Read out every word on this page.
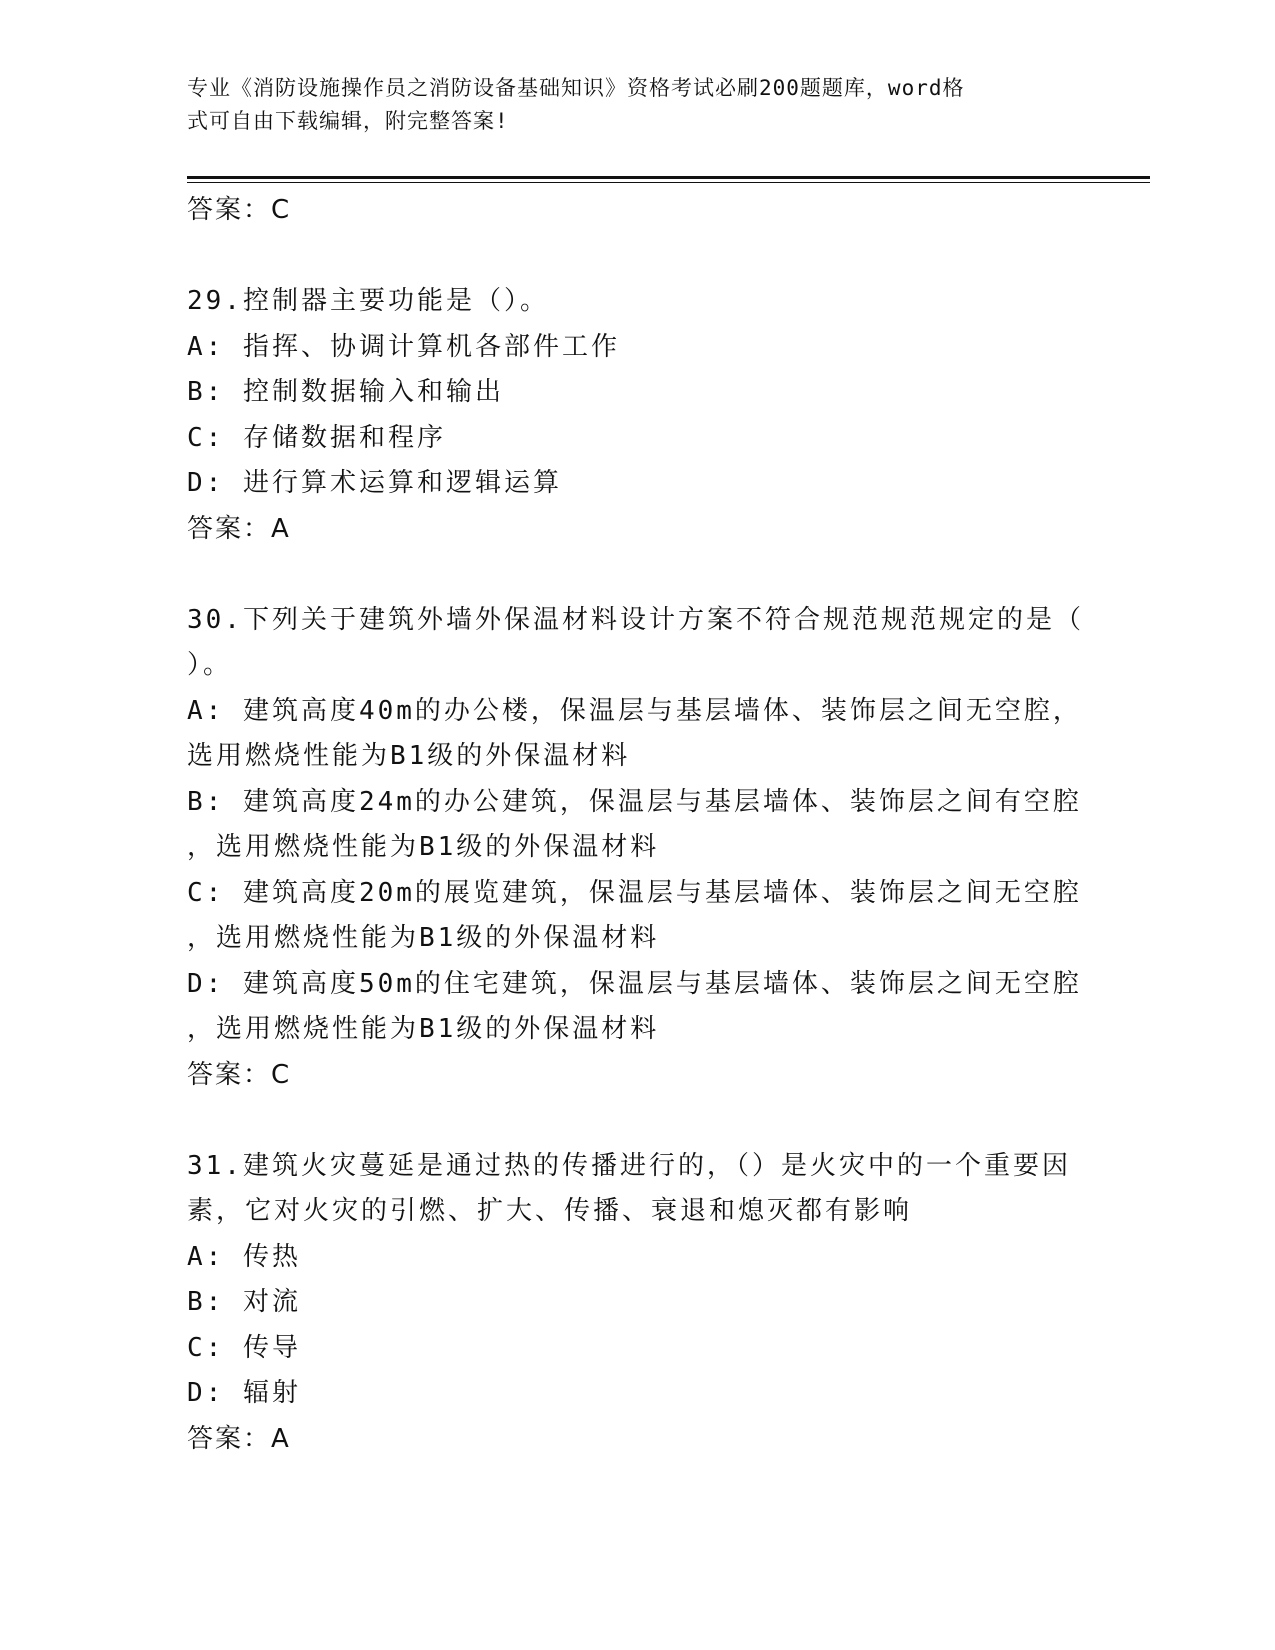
专业《消防设施操作员之消防设备基础知识》资格考试必刷200题题库，word格
式可自由下载编辑，附完整答案!
答案：C
29.控制器主要功能是（）。
A: 指挥、协调计算机各部件工作
B: 控制数据输入和输出
C: 存储数据和程序
D: 进行算术运算和逻辑运算
答案：A
30.下列关于建筑外墙外保温材料设计方案不符合规范规范规定的是（
）。
A: 建筑高度40m的办公楼，保温层与基层墙体、装饰层之间无空腔，
选用燃烧性能为B1级的外保温材料
B: 建筑高度24m的办公建筑，保温层与基层墙体、装饰层之间有空腔
，选用燃烧性能为B1级的外保温材料
C: 建筑高度20m的展览建筑，保温层与基层墙体、装饰层之间无空腔
，选用燃烧性能为B1级的外保温材料
D: 建筑高度50m的住宅建筑，保温层与基层墙体、装饰层之间无空腔
，选用燃烧性能为B1级的外保温材料
答案：C
31.建筑火灾蔓延是通过热的传播进行的，（）是火灾中的一个重要因
素，它对火灾的引燃、扩大、传播、衰退和熄灭都有影响
A: 传热
B: 对流
C: 传导
D: 辐射
答案：A
